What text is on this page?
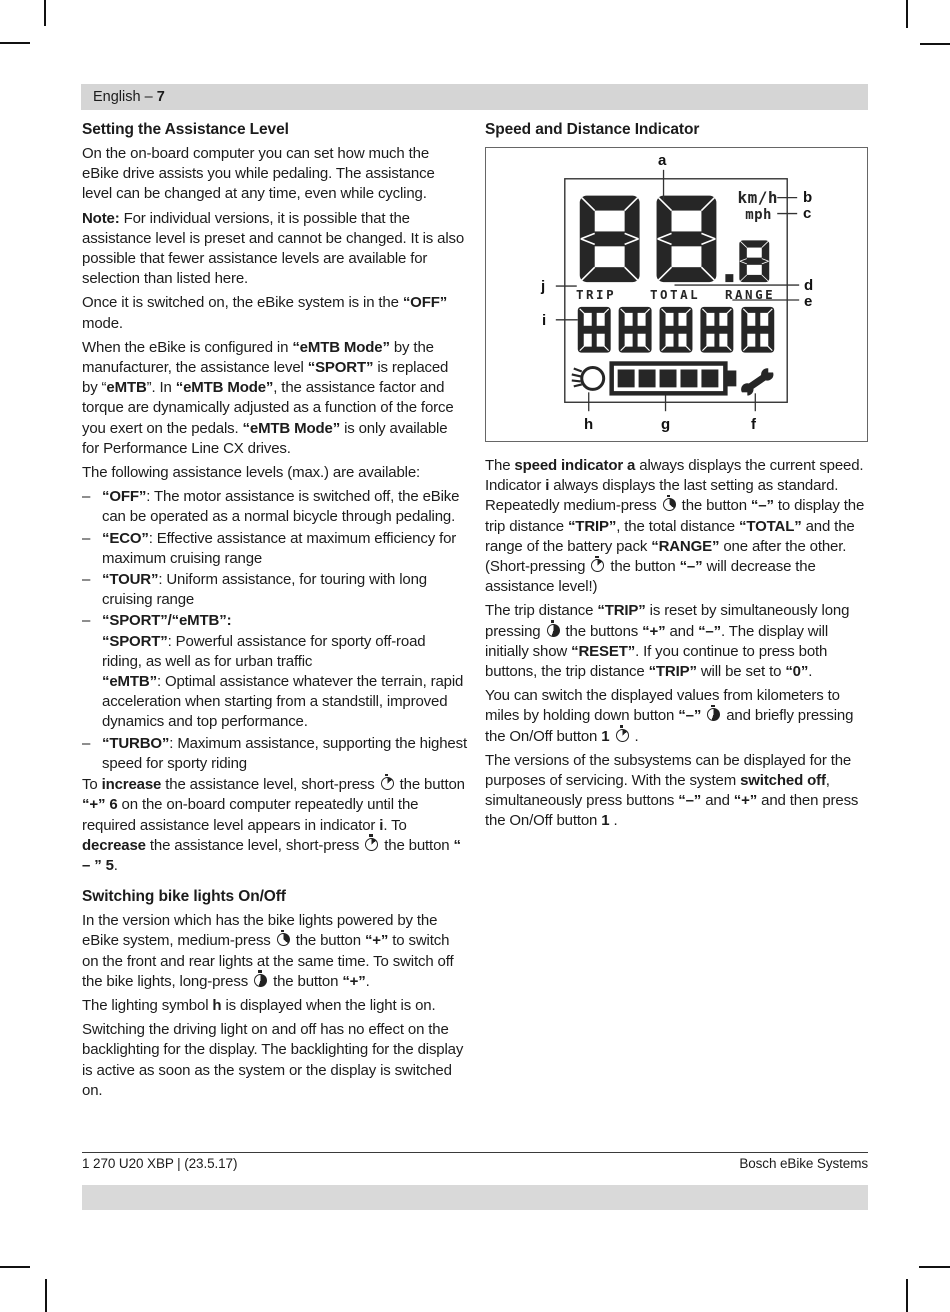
English – 7
Setting the Assistance Level

On the on-board computer you can set how much the eBike drive assists you while pedaling. The assistance level can be changed at any time, even while cycling.

Note: For individual versions, it is possible that the assistance level is preset and cannot be changed. It is also possible that fewer assistance levels are available for selection than listed here.

Once it is switched on, the eBike system is in the “OFF” mode.

When the eBike is configured in “eMTB Mode” by the manufacturer, the assistance level “SPORT” is replaced by “eMTB”. In “eMTB Mode”, the assistance factor and torque are dynamically adjusted as a function of the force you exert on the pedals. “eMTB Mode” is only available for Performance Line CX drives.

The following assistance levels (max.) are available:

– “OFF”: The motor assistance is switched off, the eBike can be operated as a normal bicycle through pedaling.
– “ECO”: Effective assistance at maximum efficiency for maximum cruising range
– “TOUR”: Uniform assistance, for touring with long cruising range
– “SPORT”/“eMTB”:
“SPORT”: Powerful assistance for sporty off-road riding, as well as for urban traffic
“eMTB”: Optimal assistance whatever the terrain, rapid acceleration when starting from a standstill, improved dynamics and top performance.
– “TURBO”: Maximum assistance, supporting the highest speed for sporty riding

To increase the assistance level, short-press  the button “+” 6 on the on-board computer repeatedly until the required assistance level appears in indicator i. To decrease the assistance level, short-press  the button “ – ” 5.

Switching bike lights On/Off

In the version which has the bike lights powered by the eBike system, medium-press  the button “+” to switch on the front and rear lights at the same time. To switch off the bike lights, long-press  the button “+”.

The lighting symbol h is displayed when the light is on.

Switching the driving light on and off has no effect on the backlighting for the display. The backlighting for the display is active as soon as the system or the display is switched on.

Speed and Distance Indicator
km/h
mph
TRIP	TOTAL RANGE
a
b
c
d
e
f
g
h
i
j

The speed indicator a always displays the current speed. Indicator i always displays the last setting as standard. Repeatedly medium-press  the button “–” to display the trip distance “TRIP”, the total distance “TOTAL” and the range of the battery pack “RANGE” one after the other. (Short-pressing  the button “–” will decrease the assistance level!)

The trip distance “TRIP” is reset by simultaneously long pressing  the buttons “+” and “–”. The display will initially show “RESET”. If you continue to press both buttons, the trip distance “TRIP” will be set to “0”.

You can switch the displayed values from kilometers to miles by holding down button “–”  and briefly pressing the On/Off button 1  .

The versions of the subsystems can be displayed for the purposes of servicing. With the system switched off, simultaneously press buttons “–” and “+” and then press the On/Off button 1 .

1 270 U20 XBP | (23.5.17)	Bosch eBike Systems
